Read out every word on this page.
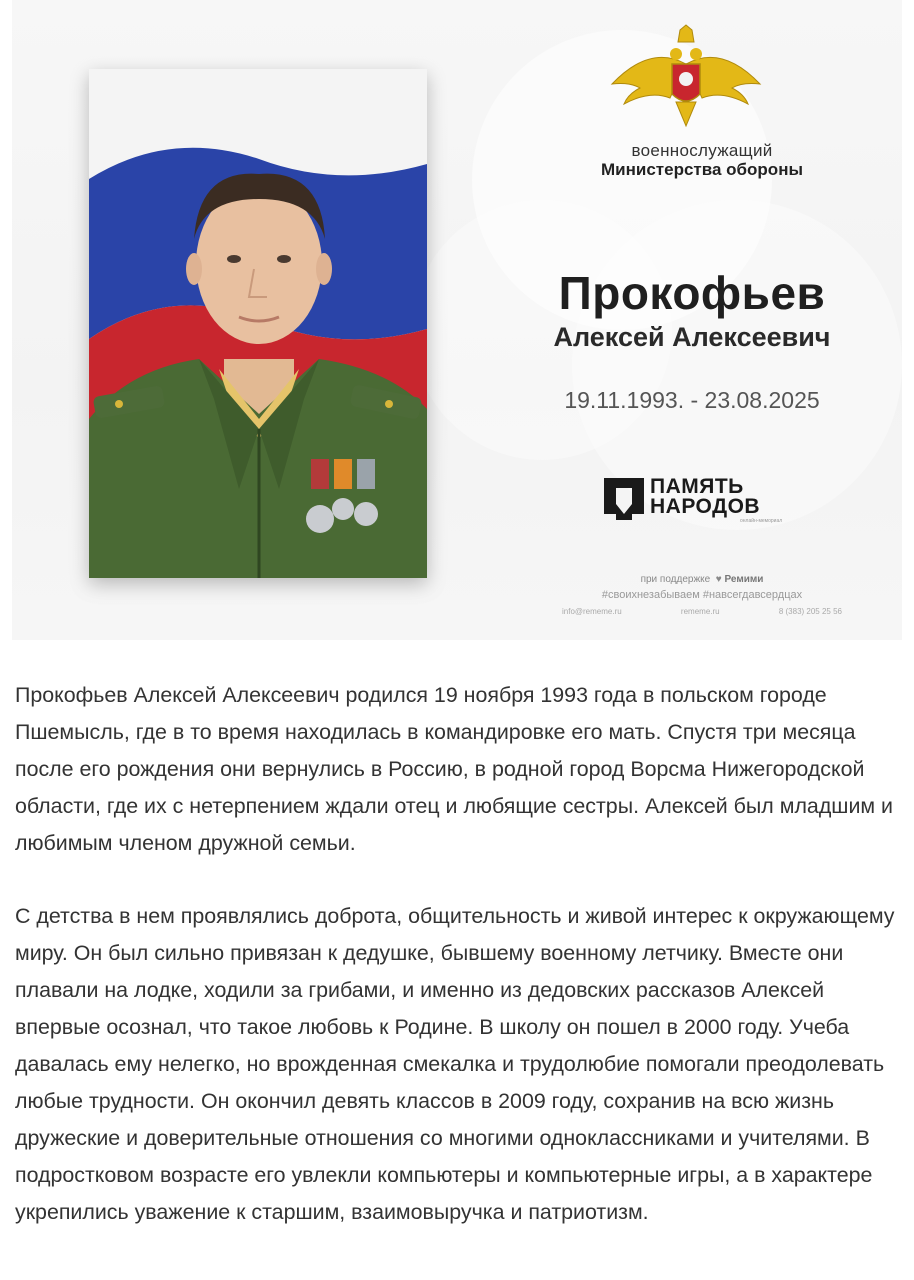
военнослужащий
Министерства обороны
Прокофьев
Алексей Алексеевич
19.11.1993. - 23.08.2025
ПАМЯТЬ
НАРОДОВ
онлайн-мемориал
при поддержке  ♥ Ремими
#своихнезабываем #навсегдавсердцах
info@rememe.ru	rememe.ru	8 (383) 205 25 56

Прокофьев Алексей Алексеевич родился 19 ноября 1993 года в польском городе Пшемысль, где в то время находилась в командировке его мать. Спустя три месяца после его рождения они вернулись в Россию, в родной город Ворсма Нижегородской области, где их с нетерпением ждали отец и любящие сестры. Алексей был младшим и любимым членом дружной семьи.

С детства в нем проявлялись доброта, общительность и живой интерес к окружающему миру. Он был сильно привязан к дедушке, бывшему военному летчику. Вместе они плавали на лодке, ходили за грибами, и именно из дедовских рассказов Алексей впервые осознал, что такое любовь к Родине. В школу он пошел в 2000 году. Учеба давалась ему нелегко, но врожденная смекалка и трудолюбие помогали преодолевать любые трудности. Он окончил девять классов в 2009 году, сохранив на всю жизнь дружеские и доверительные отношения со многими одноклассниками и учителями. В подростковом возрасте его увлекли компьютеры и компьютерные игры, а в характере укрепились уважение к старшим, взаимовыручка и патриотизм.
